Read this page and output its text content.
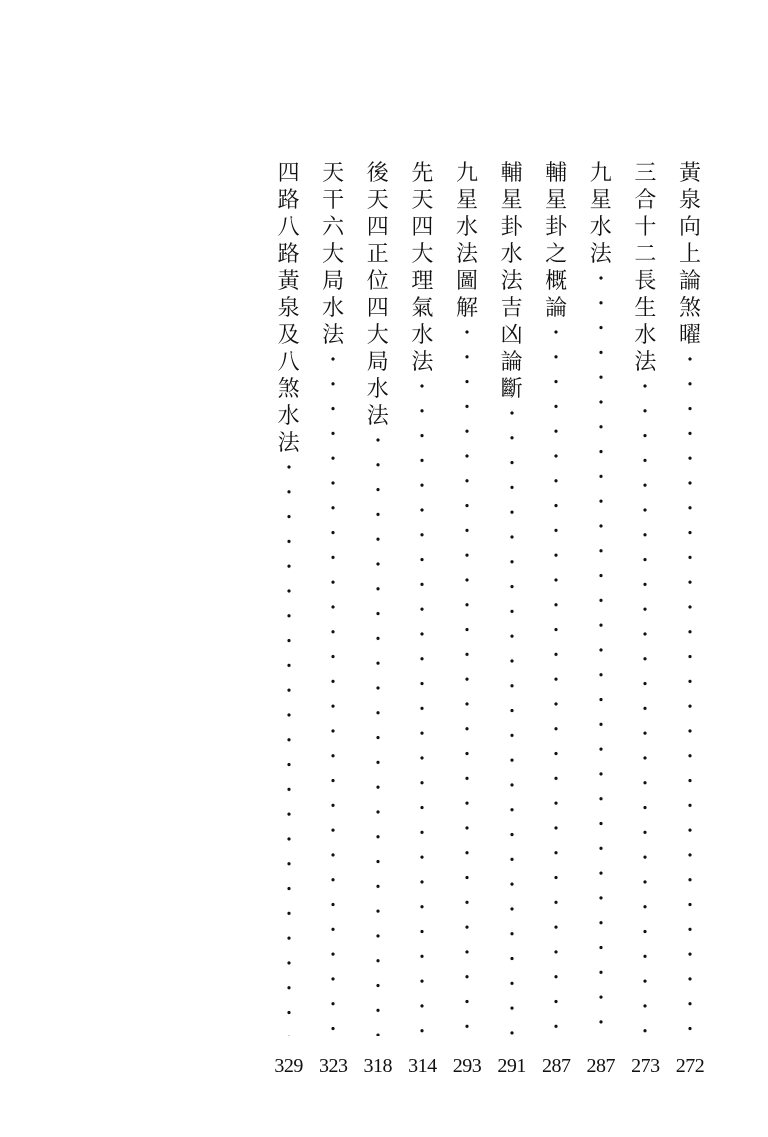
黃
泉
向
上
論
煞
曜
272
三
合
十
二
長
生
水
法
273
九
星
水
法
287
輔
星
卦
之
概
論
287
輔
星
卦
水
法
吉
凶
論
斷
291
九
星
水
法
圖
解
293
先
天
四
大
理
氣
水
法
314
後
天
四
正
位
四
大
局
水
法
318
天
干
六
大
局
水
法
323
四
路
八
路
黃
泉
及
八
煞
水
法
329
